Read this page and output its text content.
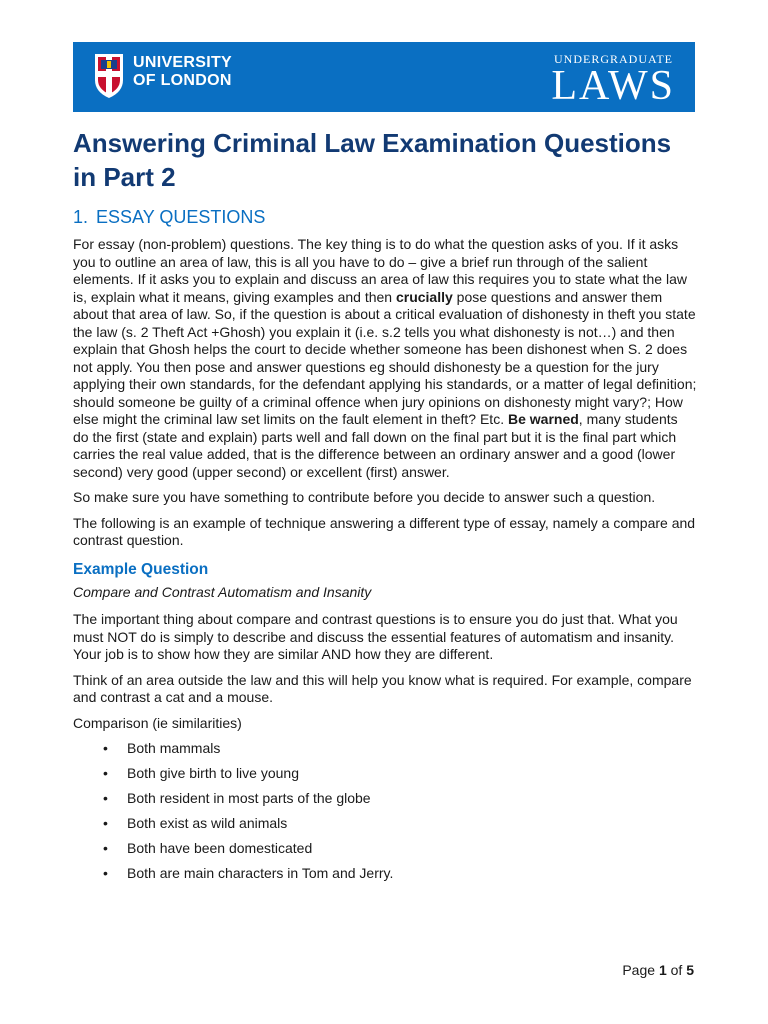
UNIVERSITY
OF LONDON
UNDERGRADUATE
LAWS
Answering Criminal Law Examination Questions in Part 2
1. ESSAY QUESTIONS

For essay (non-problem) questions. The key thing is to do what the question asks of you. If it asks you to outline an area of law, this is all you have to do – give a brief run through of the salient elements. If it asks you to explain and discuss an area of law this requires you to state what the law is, explain what it means, giving examples and then crucially pose questions and answer them about that area of law. So, if the question is about a critical evaluation of dishonesty in theft you state the law (s. 2 Theft Act +Ghosh) you explain it (i.e. s.2 tells you what dishonesty is not…) and then explain that Ghosh helps the court to decide whether someone has been dishonest when S. 2 does not apply. You then pose and answer questions eg should dishonesty be a question for the jury applying their own standards, for the defendant applying his standards, or a matter of legal definition; should someone be guilty of a criminal offence when jury opinions on dishonesty might vary?; How else might the criminal law set limits on the fault element in theft? Etc. Be warned, many students do the first (state and explain) parts well and fall down on the final part but it is the final part which carries the real value added, that is the difference between an ordinary answer and a good (lower second) very good (upper second) or excellent (first) answer.

So make sure you have something to contribute before you decide to answer such a question.

The following is an example of technique answering a different type of essay, namely a compare and contrast question.

Example Question

Compare and Contrast Automatism and Insanity

The important thing about compare and contrast questions is to ensure you do just that. What you must NOT do is simply to describe and discuss the essential features of automatism and insanity. Your job is to show how they are similar AND how they are different.

Think of an area outside the law and this will help you know what is required. For example, compare and contrast a cat and a mouse.

Comparison (ie similarities)

• Both mammals
• Both give birth to live young
• Both resident in most parts of the globe
• Both exist as wild animals
• Both have been domesticated
• Both are main characters in Tom and Jerry.
Page 1 of 5
